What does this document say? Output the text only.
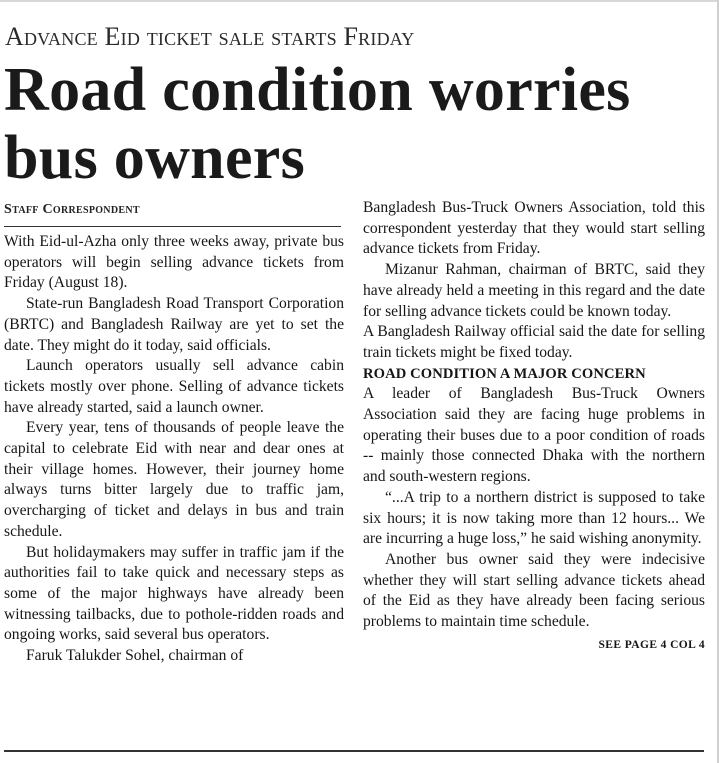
Advance Eid ticket sale starts Friday
Road condition worries bus owners
Staff Correspondent

With Eid-ul-Azha only three weeks away, private bus operators will begin selling advance tickets from Friday (August 18).

State-run Bangladesh Road Transport Corporation (BRTC) and Bangladesh Railway are yet to set the date. They might do it today, said officials.

Launch operators usually sell advance cabin tickets mostly over phone. Selling of advance tickets have already started, said a launch owner.

Every year, tens of thousands of people leave the capital to celebrate Eid with near and dear ones at their village homes. However, their journey home always turns bitter largely due to traffic jam, overcharging of ticket and delays in bus and train schedule.

But holidaymakers may suffer in traffic jam if the authorities fail to take quick and necessary steps as some of the major highways have already been witnessing tailbacks, due to pothole-ridden roads and ongoing works, said several bus operators.

Faruk Talukder Sohel, chairman of

Bangladesh Bus-Truck Owners Association, told this correspondent yesterday that they would start selling advance tickets from Friday.

Mizanur Rahman, chairman of BRTC, said they have already held a meeting in this regard and the date for selling advance tickets could be known today.

A Bangladesh Railway official said the date for selling train tickets might be fixed today.

ROAD CONDITION A MAJOR CONCERN

A leader of Bangladesh Bus-Truck Owners Association said they are facing huge problems in operating their buses due to a poor condition of roads -- mainly those connected Dhaka with the northern and south-western regions.

“...A trip to a northern district is supposed to take six hours; it is now taking more than 12 hours... We are incurring a huge loss,” he said wishing anonymity.

Another bus owner said they were indecisive whether they will start selling advance tickets ahead of the Eid as they have already been facing serious problems to maintain time schedule.

SEE PAGE 4 COL 4
